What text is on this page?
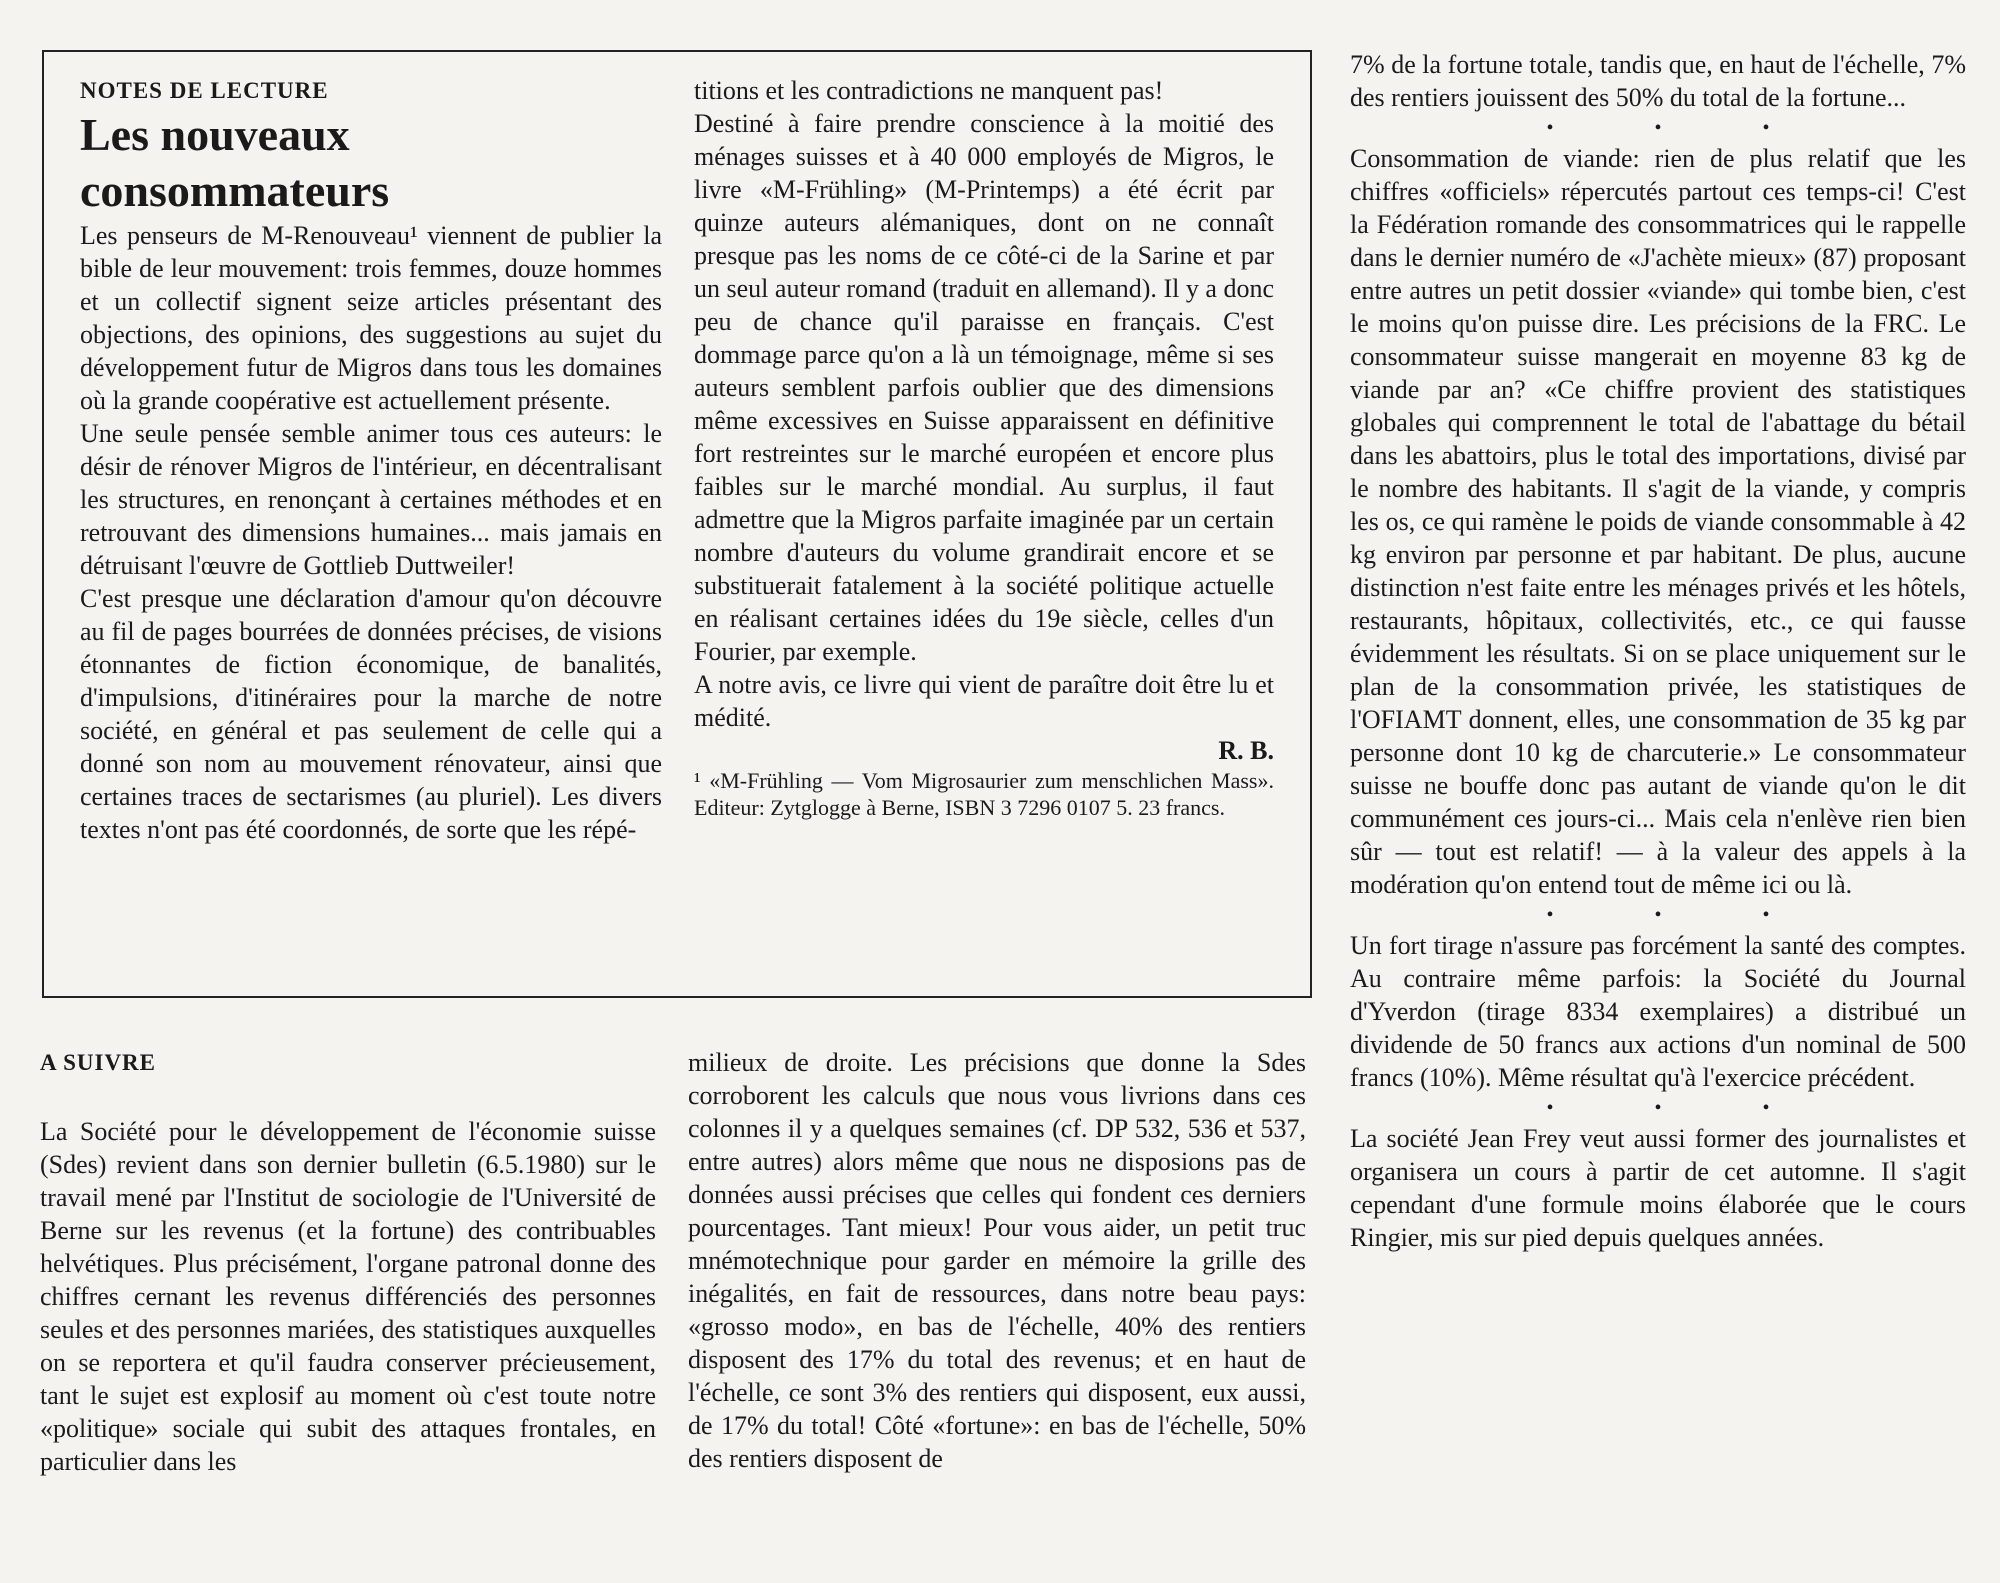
NOTES DE LECTURE

Les nouveaux consommateurs

Les penseurs de M-Renouveau¹ viennent de publier la bible de leur mouvement: trois femmes, douze hommes et un collectif signent seize articles présentant des objections, des opinions, des suggestions au sujet du développement futur de Migros dans tous les domaines où la grande coopérative est actuellement présente.

Une seule pensée semble animer tous ces auteurs: le désir de rénover Migros de l'intérieur, en décentralisant les structures, en renonçant à certaines méthodes et en retrouvant des dimensions humaines... mais jamais en détruisant l'œuvre de Gottlieb Duttweiler!

C'est presque une déclaration d'amour qu'on découvre au fil de pages bourrées de données précises, de visions étonnantes de fiction économique, de banalités, d'impulsions, d'itinéraires pour la marche de notre société, en général et pas seulement de celle qui a donné son nom au mouvement rénovateur, ainsi que certaines traces de sectarismes (au pluriel). Les divers textes n'ont pas été coordonnés, de sorte que les répé-

titions et les contradictions ne manquent pas!

Destiné à faire prendre conscience à la moitié des ménages suisses et à 40 000 employés de Migros, le livre «M-Frühling» (M-Printemps) a été écrit par quinze auteurs alémaniques, dont on ne connaît presque pas les noms de ce côté-ci de la Sarine et par un seul auteur romand (traduit en allemand). Il y a donc peu de chance qu'il paraisse en français. C'est dommage parce qu'on a là un témoignage, même si ses auteurs semblent parfois oublier que des dimensions même excessives en Suisse apparaissent en définitive fort restreintes sur le marché européen et encore plus faibles sur le marché mondial. Au surplus, il faut admettre que la Migros parfaite imaginée par un certain nombre d'auteurs du volume grandirait encore et se substituerait fatalement à la société politique actuelle en réalisant certaines idées du 19e siècle, celles d'un Fourier, par exemple.

A notre avis, ce livre qui vient de paraître doit être lu et médité.

R. B.

¹ «M-Frühling — Vom Migrosaurier zum menschlichen Mass». Editeur: Zytglogge à Berne, ISBN 3 7296 0107 5. 23 francs.

A SUIVRE

La Société pour le développement de l'économie suisse (Sdes) revient dans son dernier bulletin (6.5.1980) sur le travail mené par l'Institut de sociologie de l'Université de Berne sur les revenus (et la fortune) des contribuables helvétiques. Plus précisément, l'organe patronal donne des chiffres cernant les revenus différenciés des personnes seules et des personnes mariées, des statistiques auxquelles on se reportera et qu'il faudra conserver précieusement, tant le sujet est explosif au moment où c'est toute notre «politique» sociale qui subit des attaques frontales, en particulier dans les

milieux de droite. Les précisions que donne la Sdes corroborent les calculs que nous vous livrions dans ces colonnes il y a quelques semaines (cf. DP 532, 536 et 537, entre autres) alors même que nous ne disposions pas de données aussi précises que celles qui fondent ces derniers pourcentages. Tant mieux! Pour vous aider, un petit truc mnémotechnique pour garder en mémoire la grille des inégalités, en fait de ressources, dans notre beau pays: «grosso modo», en bas de l'échelle, 40% des rentiers disposent des 17% du total des revenus; et en haut de l'échelle, ce sont 3% des rentiers qui disposent, eux aussi, de 17% du total! Côté «fortune»: en bas de l'échelle, 50% des rentiers disposent de

7% de la fortune totale, tandis que, en haut de l'échelle, 7% des rentiers jouissent des 50% du total de la fortune...

• • •

Consommation de viande: rien de plus relatif que les chiffres «officiels» répercutés partout ces temps-ci! C'est la Fédération romande des consommatrices qui le rappelle dans le dernier numéro de «J'achète mieux» (87) proposant entre autres un petit dossier «viande» qui tombe bien, c'est le moins qu'on puisse dire. Les précisions de la FRC. Le consommateur suisse mangerait en moyenne 83 kg de viande par an? «Ce chiffre provient des statistiques globales qui comprennent le total de l'abattage du bétail dans les abattoirs, plus le total des importations, divisé par le nombre des habitants. Il s'agit de la viande, y compris les os, ce qui ramène le poids de viande consommable à 42 kg environ par personne et par habitant. De plus, aucune distinction n'est faite entre les ménages privés et les hôtels, restaurants, hôpitaux, collectivités, etc., ce qui fausse évidemment les résultats. Si on se place uniquement sur le plan de la consommation privée, les statistiques de l'OFIAMT donnent, elles, une consommation de 35 kg par personne dont 10 kg de charcuterie.» Le consommateur suisse ne bouffe donc pas autant de viande qu'on le dit communément ces jours-ci... Mais cela n'enlève rien bien sûr — tout est relatif! — à la valeur des appels à la modération qu'on entend tout de même ici ou là.

• • •

Un fort tirage n'assure pas forcément la santé des comptes. Au contraire même parfois: la Société du Journal d'Yverdon (tirage 8334 exemplaires) a distribué un dividende de 50 francs aux actions d'un nominal de 500 francs (10%). Même résultat qu'à l'exercice précédent.

• • •

La société Jean Frey veut aussi former des journalistes et organisera un cours à partir de cet automne. Il s'agit cependant d'une formule moins élaborée que le cours Ringier, mis sur pied depuis quelques années.
